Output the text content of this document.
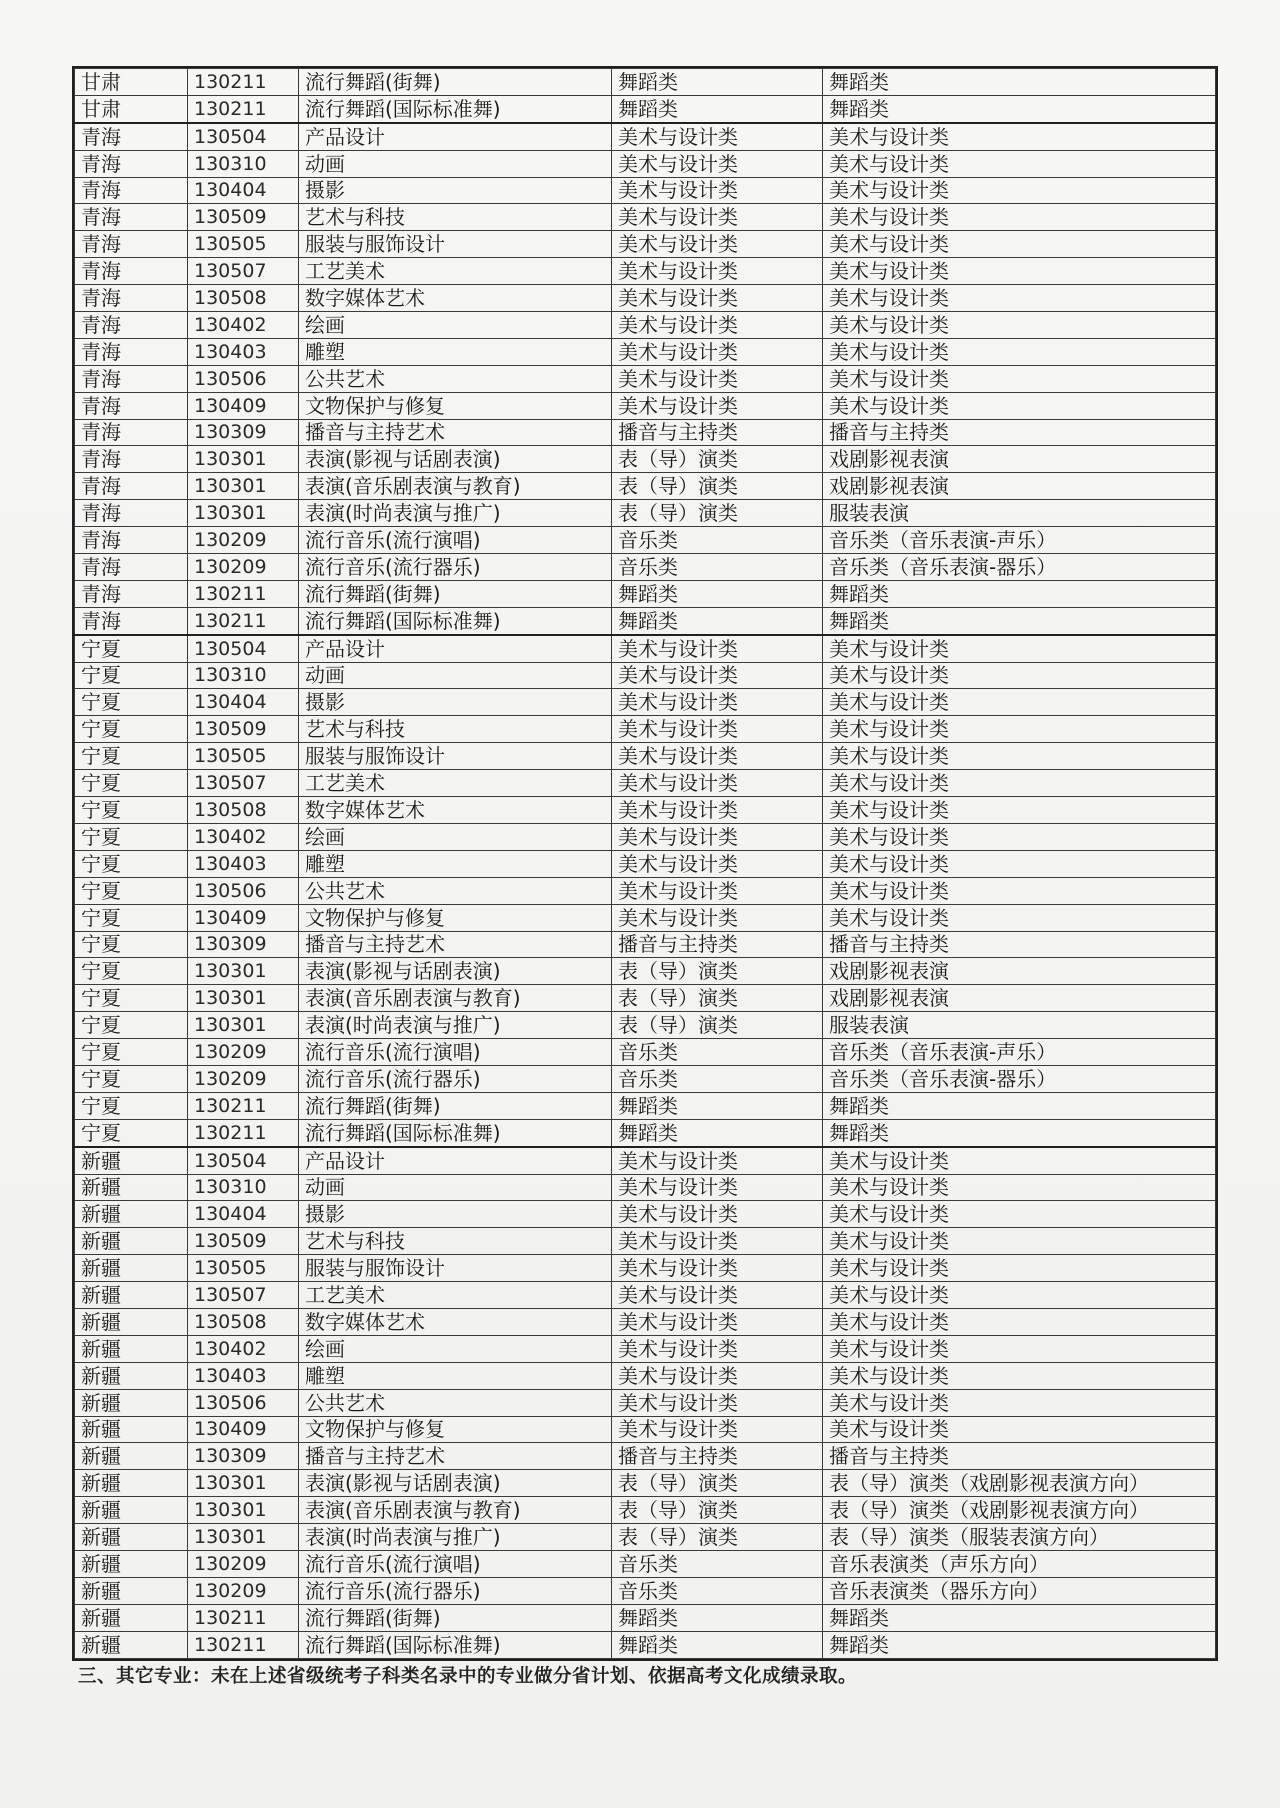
甘肃	130211	流行舞蹈(街舞)	舞蹈类	舞蹈类
甘肃	130211	流行舞蹈(国际标准舞)	舞蹈类	舞蹈类
青海	130504	产品设计	美术与设计类	美术与设计类
青海	130310	动画	美术与设计类	美术与设计类
青海	130404	摄影	美术与设计类	美术与设计类
青海	130509	艺术与科技	美术与设计类	美术与设计类
青海	130505	服装与服饰设计	美术与设计类	美术与设计类
青海	130507	工艺美术	美术与设计类	美术与设计类
青海	130508	数字媒体艺术	美术与设计类	美术与设计类
青海	130402	绘画	美术与设计类	美术与设计类
青海	130403	雕塑	美术与设计类	美术与设计类
青海	130506	公共艺术	美术与设计类	美术与设计类
青海	130409	文物保护与修复	美术与设计类	美术与设计类
青海	130309	播音与主持艺术	播音与主持类	播音与主持类
青海	130301	表演(影视与话剧表演)	表（导）演类	戏剧影视表演
青海	130301	表演(音乐剧表演与教育)	表（导）演类	戏剧影视表演
青海	130301	表演(时尚表演与推广)	表（导）演类	服装表演
青海	130209	流行音乐(流行演唱)	音乐类	音乐类（音乐表演-声乐）
青海	130209	流行音乐(流行器乐)	音乐类	音乐类（音乐表演-器乐）
青海	130211	流行舞蹈(街舞)	舞蹈类	舞蹈类
青海	130211	流行舞蹈(国际标准舞)	舞蹈类	舞蹈类
宁夏	130504	产品设计	美术与设计类	美术与设计类
宁夏	130310	动画	美术与设计类	美术与设计类
宁夏	130404	摄影	美术与设计类	美术与设计类
宁夏	130509	艺术与科技	美术与设计类	美术与设计类
宁夏	130505	服装与服饰设计	美术与设计类	美术与设计类
宁夏	130507	工艺美术	美术与设计类	美术与设计类
宁夏	130508	数字媒体艺术	美术与设计类	美术与设计类
宁夏	130402	绘画	美术与设计类	美术与设计类
宁夏	130403	雕塑	美术与设计类	美术与设计类
宁夏	130506	公共艺术	美术与设计类	美术与设计类
宁夏	130409	文物保护与修复	美术与设计类	美术与设计类
宁夏	130309	播音与主持艺术	播音与主持类	播音与主持类
宁夏	130301	表演(影视与话剧表演)	表（导）演类	戏剧影视表演
宁夏	130301	表演(音乐剧表演与教育)	表（导）演类	戏剧影视表演
宁夏	130301	表演(时尚表演与推广)	表（导）演类	服装表演
宁夏	130209	流行音乐(流行演唱)	音乐类	音乐类（音乐表演-声乐）
宁夏	130209	流行音乐(流行器乐)	音乐类	音乐类（音乐表演-器乐）
宁夏	130211	流行舞蹈(街舞)	舞蹈类	舞蹈类
宁夏	130211	流行舞蹈(国际标准舞)	舞蹈类	舞蹈类
新疆	130504	产品设计	美术与设计类	美术与设计类
新疆	130310	动画	美术与设计类	美术与设计类
新疆	130404	摄影	美术与设计类	美术与设计类
新疆	130509	艺术与科技	美术与设计类	美术与设计类
新疆	130505	服装与服饰设计	美术与设计类	美术与设计类
新疆	130507	工艺美术	美术与设计类	美术与设计类
新疆	130508	数字媒体艺术	美术与设计类	美术与设计类
新疆	130402	绘画	美术与设计类	美术与设计类
新疆	130403	雕塑	美术与设计类	美术与设计类
新疆	130506	公共艺术	美术与设计类	美术与设计类
新疆	130409	文物保护与修复	美术与设计类	美术与设计类
新疆	130309	播音与主持艺术	播音与主持类	播音与主持类
新疆	130301	表演(影视与话剧表演)	表（导）演类	表（导）演类（戏剧影视表演方向）
新疆	130301	表演(音乐剧表演与教育)	表（导）演类	表（导）演类（戏剧影视表演方向）
新疆	130301	表演(时尚表演与推广)	表（导）演类	表（导）演类（服装表演方向）
新疆	130209	流行音乐(流行演唱)	音乐类	音乐表演类（声乐方向）
新疆	130209	流行音乐(流行器乐)	音乐类	音乐表演类（器乐方向）
新疆	130211	流行舞蹈(街舞)	舞蹈类	舞蹈类
新疆	130211	流行舞蹈(国际标准舞)	舞蹈类	舞蹈类
三、其它专业：未在上述省级统考子科类名录中的专业做分省计划、依据高考文化成绩录取。
